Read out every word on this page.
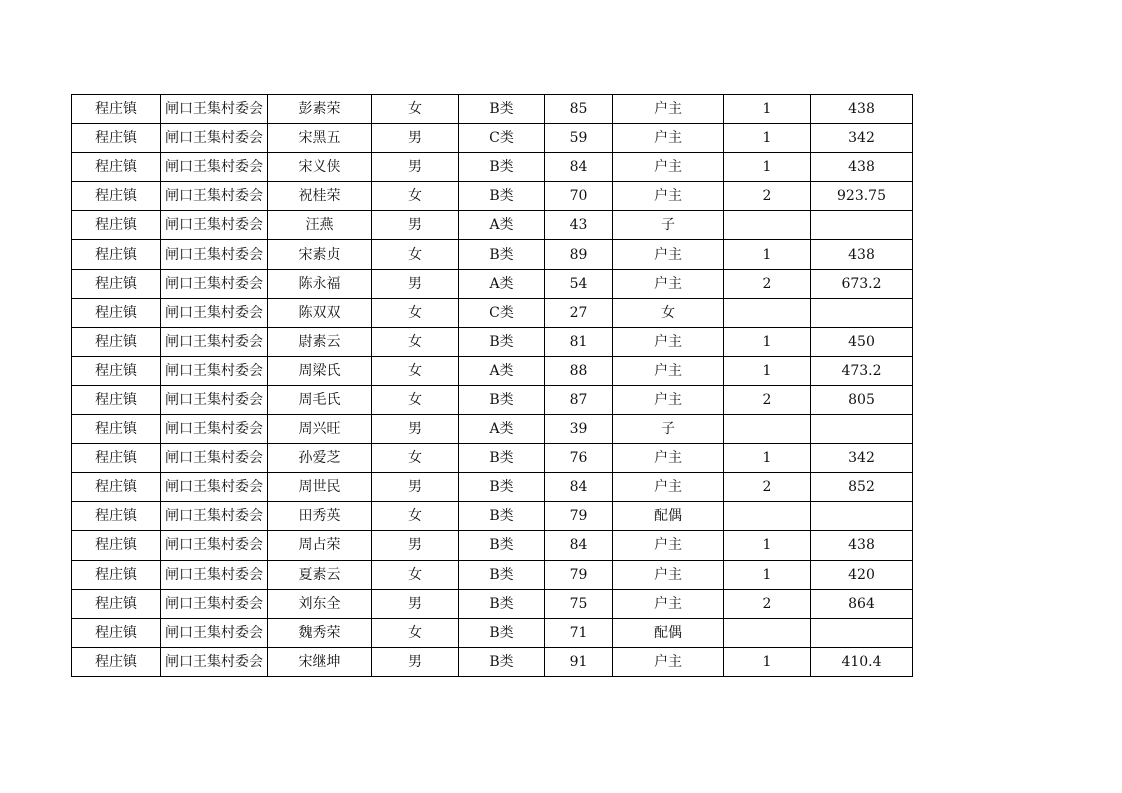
程庄镇	闸口王集村委会	彭素荣	女	B类	85	户主	1	438
程庄镇	闸口王集村委会	宋黑五	男	C类	59	户主	1	342
程庄镇	闸口王集村委会	宋义侠	男	B类	84	户主	1	438
程庄镇	闸口王集村委会	祝桂荣	女	B类	70	户主	2	923.75
程庄镇	闸口王集村委会	汪燕	男	A类	43	子		
程庄镇	闸口王集村委会	宋素贞	女	B类	89	户主	1	438
程庄镇	闸口王集村委会	陈永福	男	A类	54	户主	2	673.2
程庄镇	闸口王集村委会	陈双双	女	C类	27	女		
程庄镇	闸口王集村委会	尉素云	女	B类	81	户主	1	450
程庄镇	闸口王集村委会	周梁氏	女	A类	88	户主	1	473.2
程庄镇	闸口王集村委会	周毛氏	女	B类	87	户主	2	805
程庄镇	闸口王集村委会	周兴旺	男	A类	39	子		
程庄镇	闸口王集村委会	孙爱芝	女	B类	76	户主	1	342
程庄镇	闸口王集村委会	周世民	男	B类	84	户主	2	852
程庄镇	闸口王集村委会	田秀英	女	B类	79	配偶		
程庄镇	闸口王集村委会	周占荣	男	B类	84	户主	1	438
程庄镇	闸口王集村委会	夏素云	女	B类	79	户主	1	420
程庄镇	闸口王集村委会	刘东全	男	B类	75	户主	2	864
程庄镇	闸口王集村委会	魏秀荣	女	B类	71	配偶		
程庄镇	闸口王集村委会	宋继坤	男	B类	91	户主	1	410.4
